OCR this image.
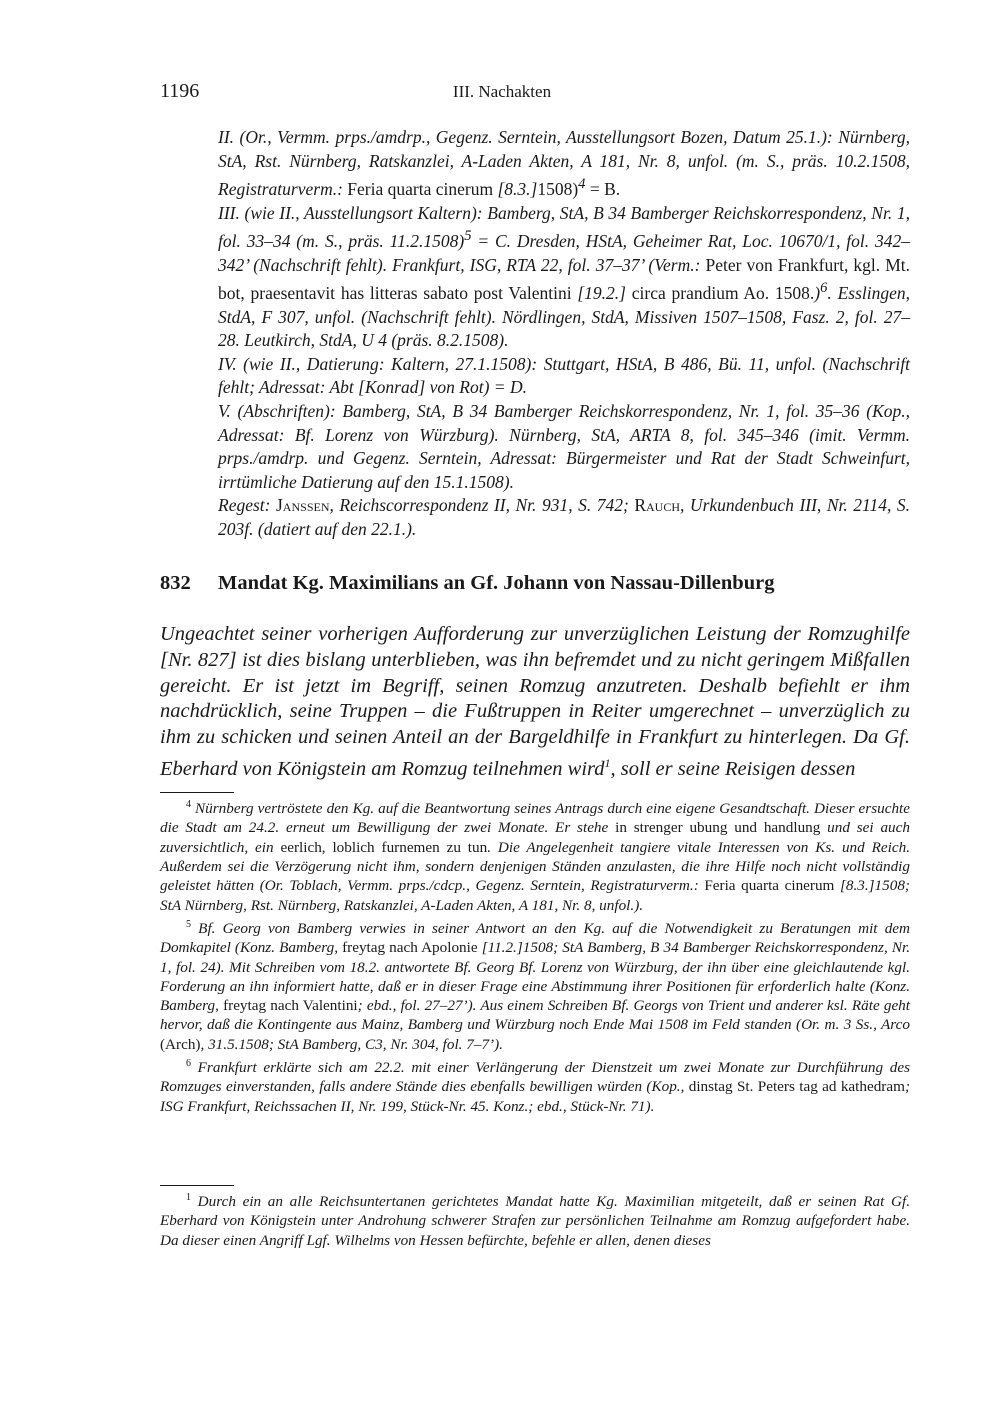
1196	III. Nachakten

II. (Or., Vermm. prps./amdrp., Gegenz. Serntein, Ausstellungsort Bozen, Datum 25.1.): Nürnberg, StA, Rst. Nürnberg, Ratskanzlei, A-Laden Akten, A 181, Nr. 8, unfol. (m. S., präs. 10.2.1508, Registraturverm.: Feria quarta cinerum [8.3.]1508)$^4$ = B.

III. (wie II., Ausstellungsort Kaltern): Bamberg, StA, B 34 Bamberger Reichskorrespondenz, Nr. 1, fol. 33–34 (m. S., präs. 11.2.1508)$^5$ = C. Dresden, HStA, Geheimer Rat, Loc. 10670/1, fol. 342–342’ (Nachschrift fehlt). Frankfurt, ISG, RTA 22, fol. 37–37’ (Verm.: Peter von Frankfurt, kgl. Mt. bot, praesentavit has litteras sabato post Valentini [19.2.] circa prandium Ao. 1508.)$^6$. Esslingen, StdA, F 307, unfol. (Nachschrift fehlt). Nördlingen, StdA, Missiven 1507–1508, Fasz. 2, fol. 27–28. Leutkirch, StdA, U 4 (präs. 8.2.1508).

IV. (wie II., Datierung: Kaltern, 27.1.1508): Stuttgart, HStA, B 486, Bü. 11, unfol. (Nachschrift fehlt; Adressat: Abt [Konrad] von Rot) = D.

V. (Abschriften): Bamberg, StA, B 34 Bamberger Reichskorrespondenz, Nr. 1, fol. 35–36 (Kop., Adressat: Bf. Lorenz von Würzburg). Nürnberg, StA, ARTA 8, fol. 345–346 (imit. Vermm. prps./amdrp. und Gegenz. Serntein, Adressat: Bürgermeister und Rat der Stadt Schweinfurt, irrtümliche Datierung auf den 15.1.1508).

Regest: Janssen, Reichscorrespondenz II, Nr. 931, S. 742; Rauch, Urkundenbuch III, Nr. 2114, S. 203f. (datiert auf den 22.1.).

832 Mandat Kg. Maximilians an Gf. Johann von Nassau-Dillenburg
Ungeachtet seiner vorherigen Aufforderung zur unverzüglichen Leistung der Romzughilfe [Nr. 827] ist dies bislang unterblieben, was ihn befremdet und zu nicht geringem Mißfallen gereicht. Er ist jetzt im Begriff, seinen Romzug anzutreten. Deshalb befiehlt er ihm nachdrücklich, seine Truppen – die Fußtruppen in Reiter umgerechnet – unverzüglich zu ihm zu schicken und seinen Anteil an der Bargeldhilfe in Frankfurt zu hinterlegen. Da Gf. Eberhard von Königstein am Romzug teilnehmen wird$^1$, soll er seine Reisigen dessen

$^4$ Nürnberg vertröstete den Kg. auf die Beantwortung seines Antrags durch eine eigene Gesandtschaft. Dieser ersuchte die Stadt am 24.2. erneut um Bewilligung der zwei Monate. Er stehe in strenger ubung und handlung und sei auch zuversichtlich, ein eerlich, loblich furnemen zu tun. Die Angelegenheit tangiere vitale Interessen von Ks. und Reich. Außerdem sei die Verzögerung nicht ihm, sondern denjenigen Ständen anzulasten, die ihre Hilfe noch nicht vollständig geleistet hätten (Or. Toblach, Vermm. prps./cdcp., Gegenz. Serntein, Registraturverm.: Feria quarta cinerum [8.3.]1508; StA Nürnberg, Rst. Nürnberg, Ratskanzlei, A-Laden Akten, A 181, Nr. 8, unfol.).

$^5$ Bf. Georg von Bamberg verwies in seiner Antwort an den Kg. auf die Notwendigkeit zu Beratungen mit dem Domkapitel (Konz. Bamberg, freytag nach Apolonie [11.2.]1508; StA Bamberg, B 34 Bamberger Reichskorrespondenz, Nr. 1, fol. 24). Mit Schreiben vom 18.2. antwortete Bf. Georg Bf. Lorenz von Würzburg, der ihn über eine gleichlautende kgl. Forderung an ihn informiert hatte, daß er in dieser Frage eine Abstimmung ihrer Positionen für erforderlich halte (Konz. Bamberg, freytag nach Valentini; ebd., fol. 27–27’). Aus einem Schreiben Bf. Georgs von Trient und anderer ksl. Räte geht hervor, daß die Kontingente aus Mainz, Bamberg und Würzburg noch Ende Mai 1508 im Feld standen (Or. m. 3 Ss., Arco (Arch), 31.5.1508; StA Bamberg, C3, Nr. 304, fol. 7–7’).

$^6$ Frankfurt erklärte sich am 22.2. mit einer Verlängerung der Dienstzeit um zwei Monate zur Durchführung des Romzuges einverstanden, falls andere Stände dies ebenfalls bewilligen würden (Kop., dinstag St. Peters tag ad kathedram; ISG Frankfurt, Reichssachen II, Nr. 199, Stück-Nr. 45. Konz.; ebd., Stück-Nr. 71).

$^1$ Durch ein an alle Reichsuntertanen gerichtetes Mandat hatte Kg. Maximilian mitgeteilt, daß er seinen Rat Gf. Eberhard von Königstein unter Androhung schwerer Strafen zur persönlichen Teilnahme am Romzug aufgefordert habe. Da dieser einen Angriff Lgf. Wilhelms von Hessen befürchte, befehle er allen, denen dieses
